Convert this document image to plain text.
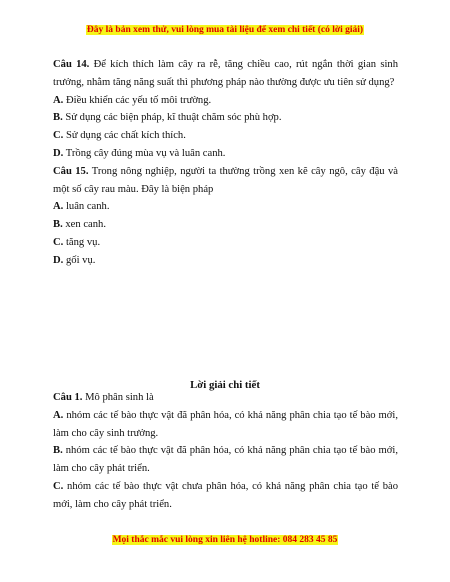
Đây là bản xem thử, vui lòng mua tài liệu để xem chi tiết (có lời giải)

Câu 14. Để kích thích làm cây ra rễ, tăng chiều cao, rút ngắn thời gian sinh trưởng, nhằm tăng năng suất thì phương pháp nào thường được ưu tiên sử dụng?

A. Điều khiển các yếu tố môi trường.

B. Sử dụng các biện pháp, kĩ thuật chăm sóc phù hợp.

C. Sử dụng các chất kích thích.

D. Trồng cây đúng mùa vụ và luân canh.

Câu 15. Trong nông nghiệp, người ta thường trồng xen kẽ cây ngô, cây đậu và một số cây rau màu. Đây là biện pháp

A. luân canh.

B. xen canh.

C. tăng vụ.

D. gối vụ.

Lời giải chi tiết

Câu 1. Mô phân sinh là

A. nhóm các tế bào thực vật đã phân hóa, có khả năng phân chia tạo tế bào mới, làm cho cây sinh trưởng.

B. nhóm các tế bào thực vật đã phân hóa, có khả năng phân chia tạo tế bào mới, làm cho cây phát triển.

C. nhóm các tế bào thực vật chưa phân hóa, có khả năng phân chia tạo tế bào mới, làm cho cây phát triển.

Mọi thắc mắc vui lòng xin liên hệ hotline: 084 283 45 85
